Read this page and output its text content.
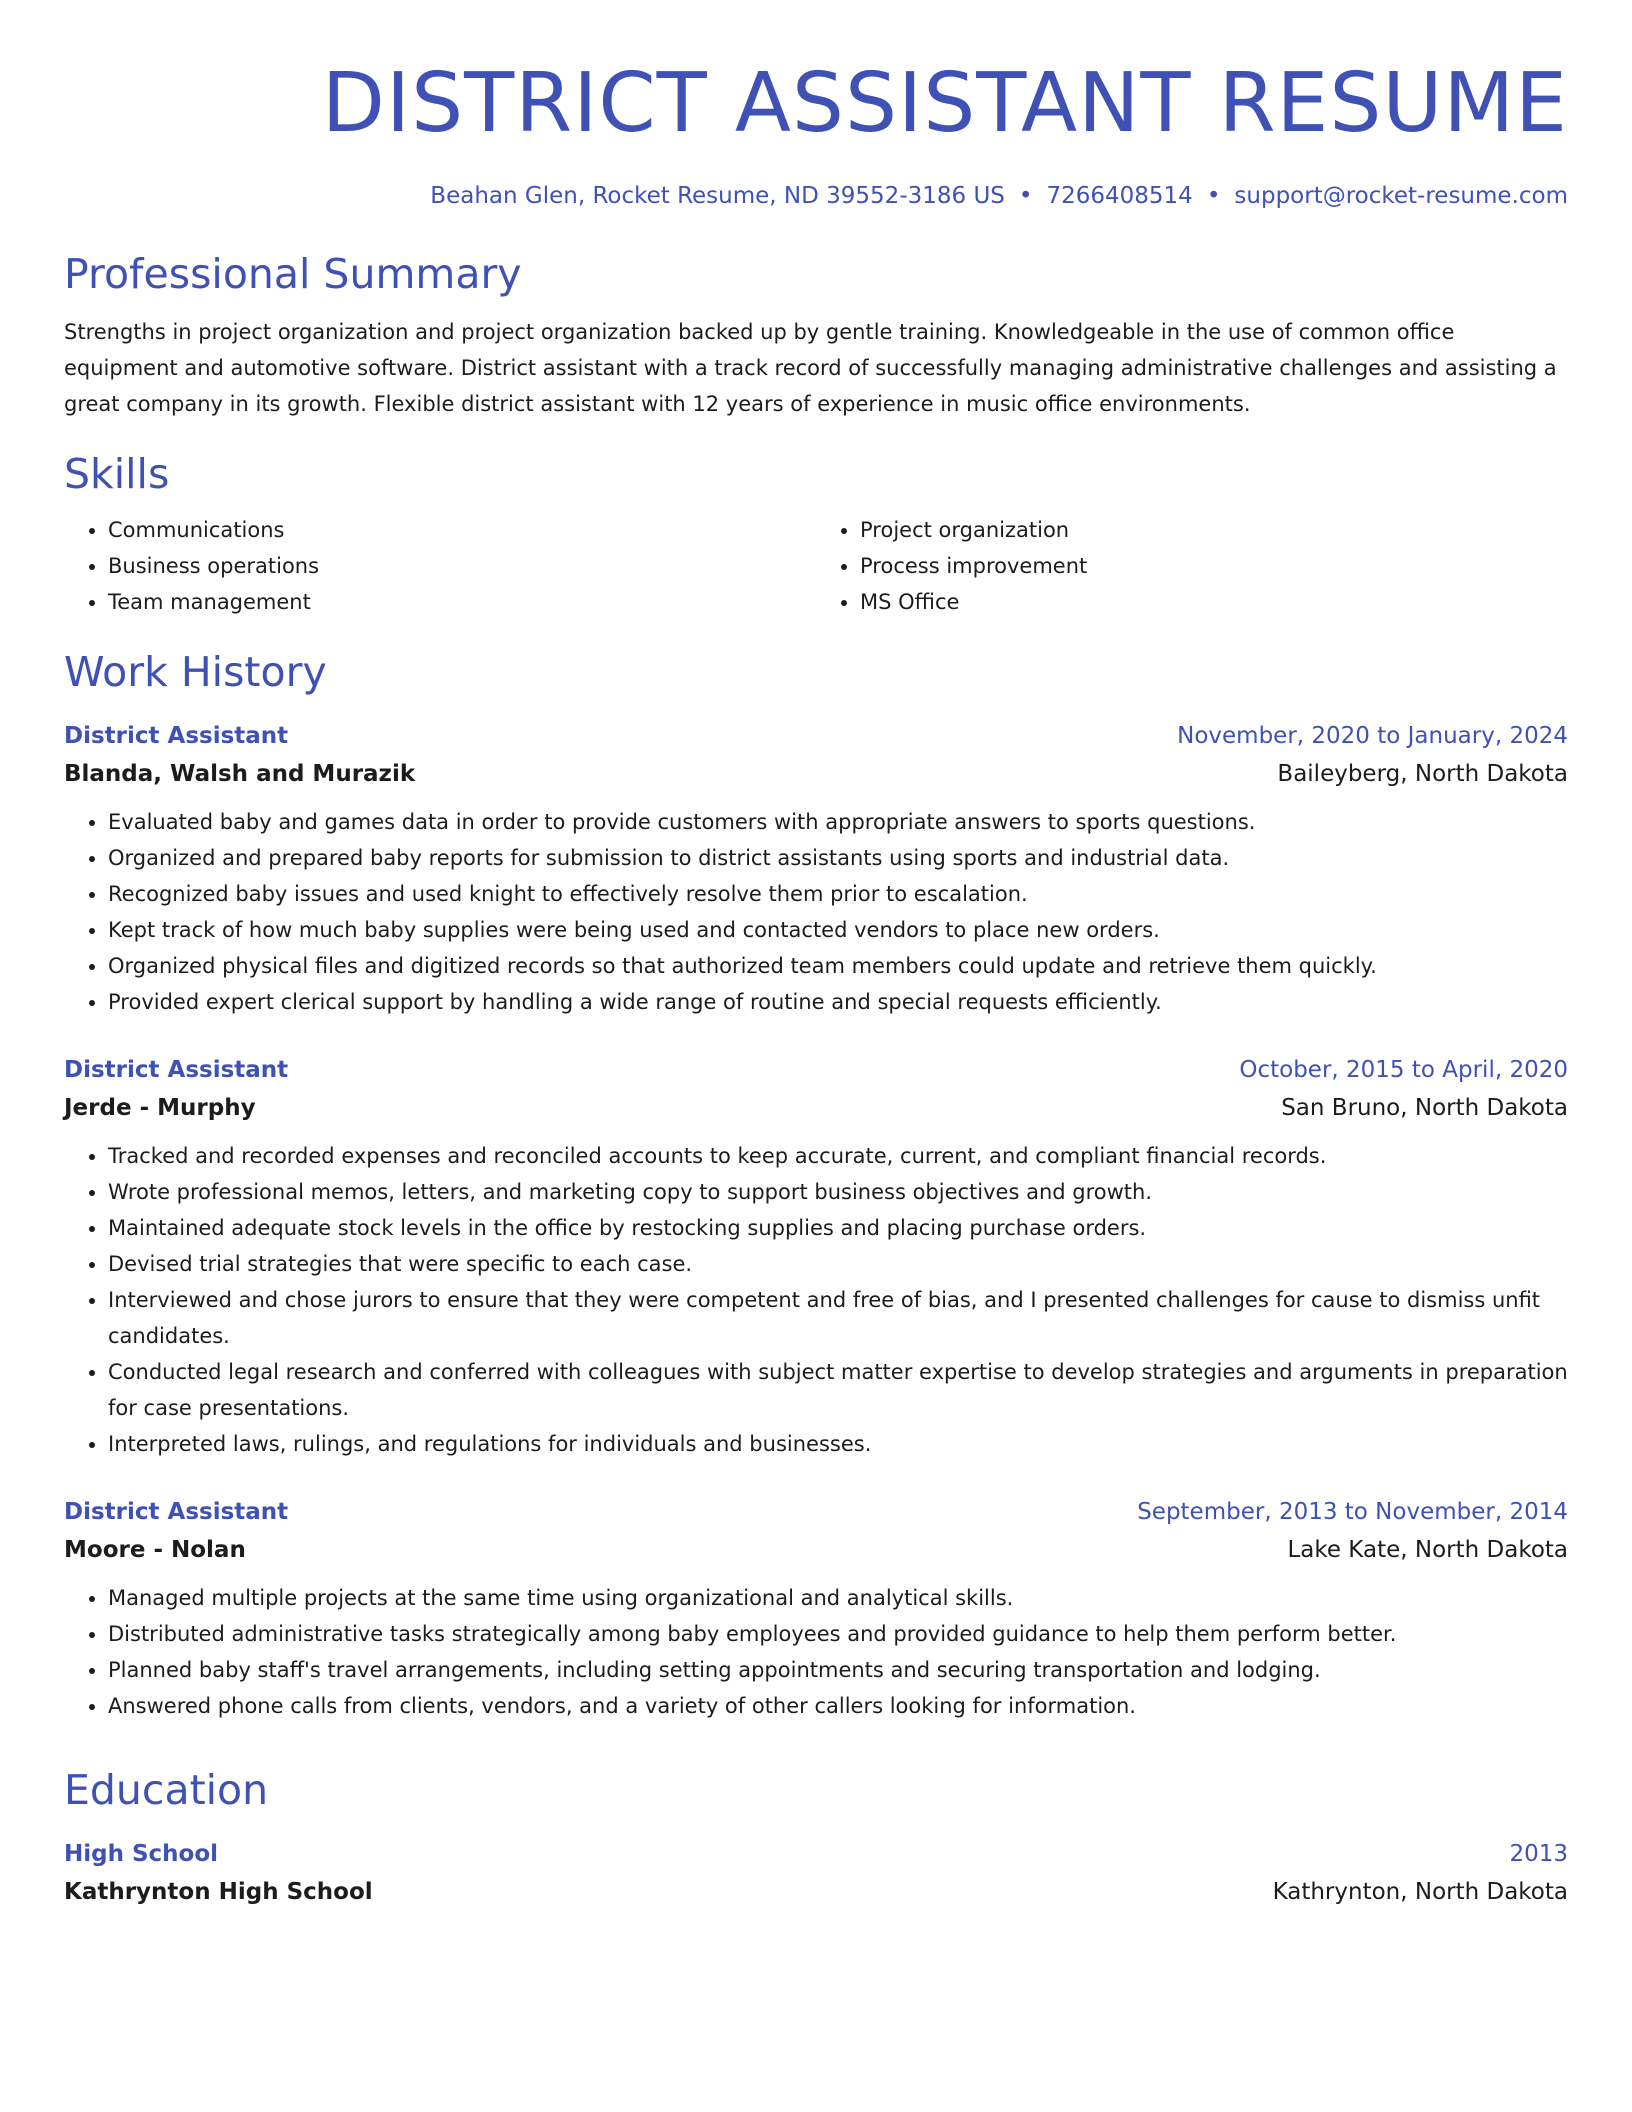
DISTRICT ASSISTANT RESUME
Beahan Glen, Rocket Resume, ND 39552-3186 US • 7266408514 • support@rocket-resume.com
Professional Summary

Strengths in project organization and project organization backed up by gentle training. Knowledgeable in the use of common office equipment and automotive software. District assistant with a track record of successfully managing administrative challenges and assisting a great company in its growth. Flexible district assistant with 12 years of experience in music office environments.

Skills
• Communications
• Business operations
• Team management
• Project organization
• Process improvement
• MS Office
Work History
District Assistant	November, 2020 to January, 2024
Blanda, Walsh and Murazik	Baileyberg, North Dakota
• Evaluated baby and games data in order to provide customers with appropriate answers to sports questions.
• Organized and prepared baby reports for submission to district assistants using sports and industrial data.
• Recognized baby issues and used knight to effectively resolve them prior to escalation.
• Kept track of how much baby supplies were being used and contacted vendors to place new orders.
• Organized physical files and digitized records so that authorized team members could update and retrieve them quickly.
• Provided expert clerical support by handling a wide range of routine and special requests efficiently.
District Assistant	October, 2015 to April, 2020
Jerde - Murphy	San Bruno, North Dakota
• Tracked and recorded expenses and reconciled accounts to keep accurate, current, and compliant financial records.
• Wrote professional memos, letters, and marketing copy to support business objectives and growth.
• Maintained adequate stock levels in the office by restocking supplies and placing purchase orders.
• Devised trial strategies that were specific to each case.
• Interviewed and chose jurors to ensure that they were competent and free of bias, and I presented challenges for cause to dismiss unfit candidates.
• Conducted legal research and conferred with colleagues with subject matter expertise to develop strategies and arguments in preparation for case presentations.
• Interpreted laws, rulings, and regulations for individuals and businesses.
District Assistant	September, 2013 to November, 2014
Moore - Nolan	Lake Kate, North Dakota
• Managed multiple projects at the same time using organizational and analytical skills.
• Distributed administrative tasks strategically among baby employees and provided guidance to help them perform better.
• Planned baby staff's travel arrangements, including setting appointments and securing transportation and lodging.
• Answered phone calls from clients, vendors, and a variety of other callers looking for information.
Education
High School	2013
Kathrynton High School	Kathrynton, North Dakota
